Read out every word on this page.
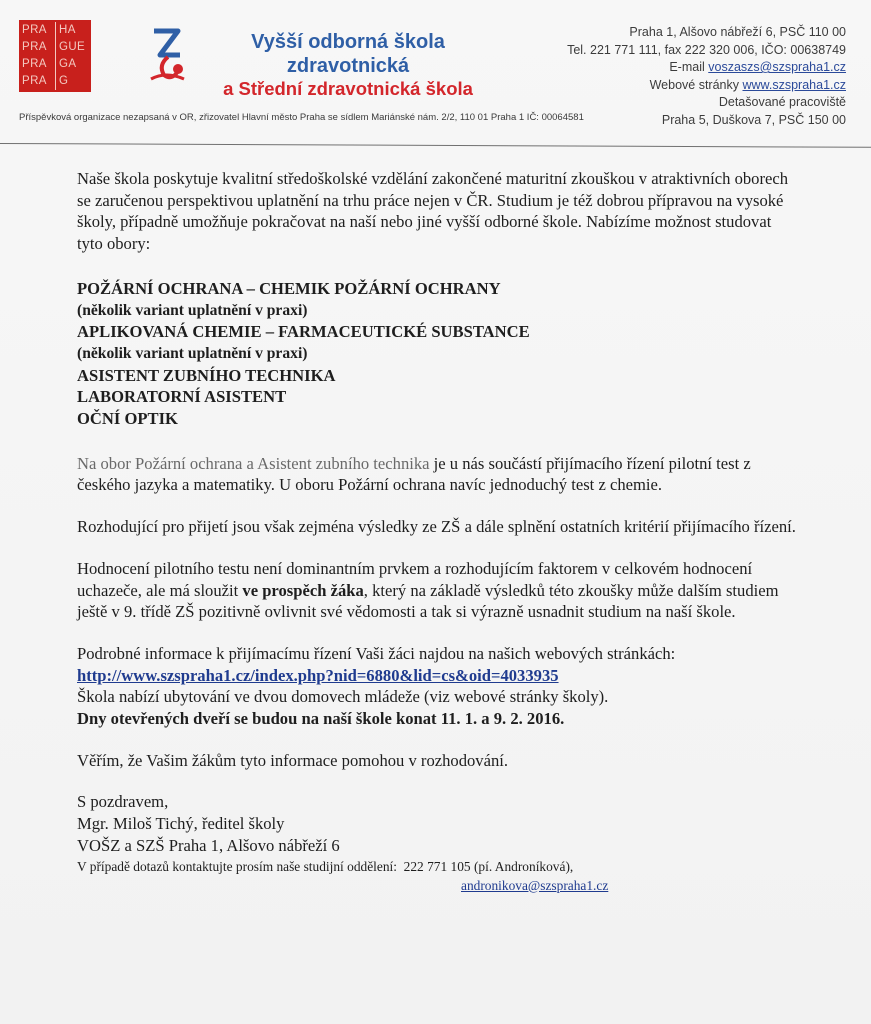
PRA	HA
PRA	GUE
PRA	GA
PRA	G
Vyšší odborná škola zdravotnická
a Střední zdravotnická škola
Praha 1, Alšovo nábřeží 6, PSČ 110 00
Tel. 221 771 111, fax 222 320 006, IČO: 00638749
E-mail voszaszs@szspraha1.cz
Webové stránky www.szspraha1.cz
Detašované pracoviště
Praha 5, Duškova 7, PSČ 150 00
Příspěvková organizace nezapsaná v OR, zřizovatel Hlavní město Praha se sídlem Mariánské nám. 2/2, 110 01 Praha 1 IČ: 00064581

Naše škola poskytuje kvalitní středoškolské vzdělání zakončené maturitní zkouškou v atraktivních oborech se zaručenou perspektivou uplatnění na trhu práce nejen v ČR. Studium je též dobrou přípravou na vysoké školy, případně umožňuje pokračovat na naší nebo jiné vyšší odborné škole. Nabízíme možnost studovat tyto obory:

POŽÁRNÍ OCHRANA – CHEMIK POŽÁRNÍ OCHRANY
(několik variant uplatnění v praxi)
APLIKOVANÁ CHEMIE – FARMACEUTICKÉ SUBSTANCE
(několik variant uplatnění v praxi)
ASISTENT ZUBNÍHO TECHNIKA
LABORATORNÍ ASISTENT
OČNÍ OPTIK

Na obor Požární ochrana a Asistent zubního technika je u nás součástí přijímacího řízení pilotní test z českého jazyka a matematiky. U oboru Požární ochrana navíc jednoduchý test z chemie.

Rozhodující pro přijetí jsou však zejména výsledky ze ZŠ a dále splnění ostatních kritérií přijímacího řízení.

Hodnocení pilotního testu není dominantním prvkem a rozhodujícím faktorem v celkovém hodnocení uchazeče, ale má sloužit ve prospěch žáka, který na základě výsledků této zkoušky může dalším studiem ještě v 9. třídě ZŠ pozitivně ovlivnit své vědomosti a tak si výrazně usnadnit studium na naší škole.

Podrobné informace k přijímacímu řízení Vaši žáci najdou na našich webových stránkách:

http://www.szspraha1.cz/index.php?nid=6880&lid=cs&oid=4033935

Škola nabízí ubytování ve dvou domovech mládeže (viz webové stránky školy).

Dny otevřených dveří se budou na naší škole konat 11. 1. a 9. 2. 2016.

Věřím, že Vašim žákům tyto informace pomohou v rozhodování.

S pozdravem,

Mgr. Miloš Tichý, ředitel školy

VOŠZ a SZŠ Praha 1, Alšovo nábřeží 6

V případě dotazů kontaktujte prosím naše studijní oddělení: 222 771 105 (pí. Androníková),

andronikova@szspraha1.cz
